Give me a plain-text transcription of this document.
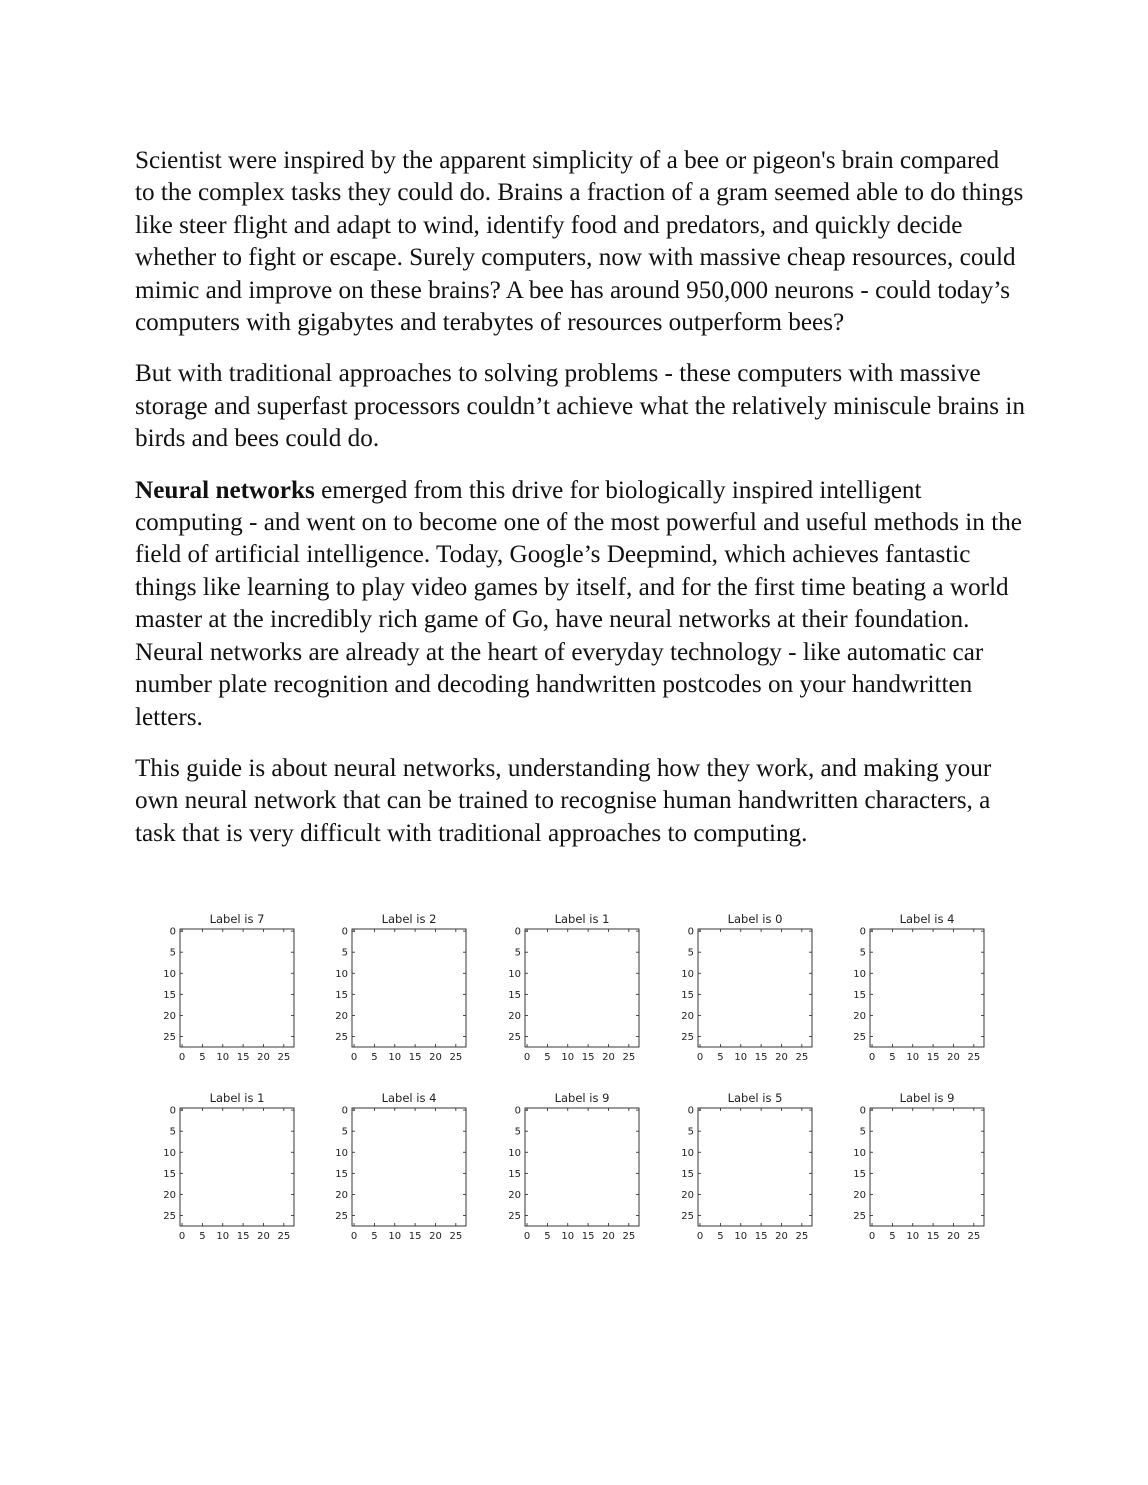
Scientist were inspired by the apparent simplicity of a bee or pigeon's brain compared to the complex tasks they could do. Brains a fraction of a gram seemed able to do things like steer flight and adapt to wind, identify food and predators, and quickly decide whether to fight or escape. Surely computers, now with massive cheap resources, could mimic and improve on these brains? A bee has around 950,000 neurons - could today’s computers with gigabytes and terabytes of resources outperform bees?

But with traditional approaches to solving problems - these computers with massive storage and superfast processors couldn’t achieve what the relatively miniscule brains in birds and bees could do.

Neural networks emerged from this drive for biologically inspired intelligent computing - and went on to become one of the most powerful and useful methods in the field of artificial intelligence. Today, Google’s Deepmind, which achieves fantastic things like learning to play video games by itself, and for the first time beating a world master at the incredibly rich game of Go, have neural networks at their foundation. Neural networks are already at the heart of everyday technology - like automatic car number plate recognition and decoding handwritten postcodes on your handwritten letters.

This guide is about neural networks, understanding how they work, and making your own neural network that can be trained to recognise human handwritten characters, a task that is very difficult with traditional approaches to computing.

Label is 7
0
0
5
5
10
10
15
15
20
20
25
25
Label is 2
0
0
5
5
10
10
15
15
20
20
25
25
Label is 1
0
0
5
5
10
10
15
15
20
20
25
25
Label is 0
0
0
5
5
10
10
15
15
20
20
25
25
Label is 4
0
0
5
5
10
10
15
15
20
20
25
25
Label is 1
0
0
5
5
10
10
15
15
20
20
25
25
Label is 4
0
0
5
5
10
10
15
15
20
20
25
25
Label is 9
0
0
5
5
10
10
15
15
20
20
25
25
Label is 5
0
0
5
5
10
10
15
15
20
20
25
25
Label is 9
0
0
5
5
10
10
15
15
20
20
25
25
